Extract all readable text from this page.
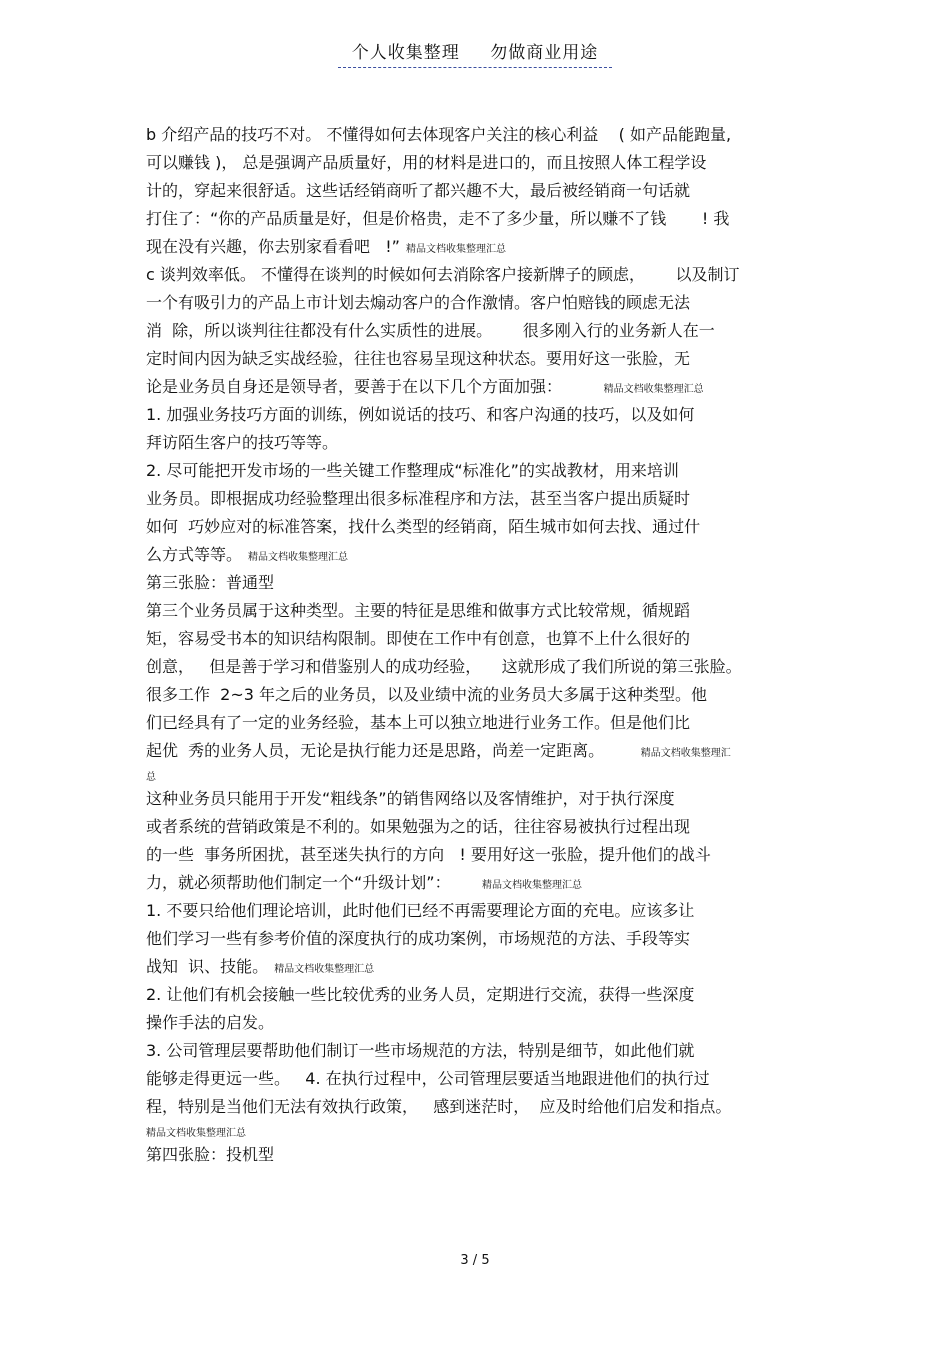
个人收集整理 勿做商业用途
b 介绍产品的技巧不对。 不懂得如何去体现客户关注的核心利益    ( 如产品能跑量,
可以赚钱 )， 总是强调产品质量好，用的材料是进口的，而且按照人体工程学设
计的，穿起来很舒适。这些话经销商听了都兴趣不大，最后被经销商一句话就
打住了：“你的产品质量是好，但是价格贵，走不了多少量，所以赚不了钱       ! 我
现在没有兴趣，你去别家看看吧   !” 精品文档收集整理汇总
c 谈判效率低。 不懂得在谈判的时候如何去消除客户接新牌子的顾虑，      以及制订
一个有吸引力的产品上市计划去煽动客户的合作激情。客户怕赔钱的顾虑无法
消  除，所以谈判往往都没有什么实质性的进展。      很多刚入行的业务新人在一
定时间内因为缺乏实战经验，往往也容易呈现这种状态。要用好这一张脸，无
论是业务员自身还是领导者，要善于在以下几个方面加强：       精品文档收集整理汇总
1. 加强业务技巧方面的训练，例如说话的技巧、和客户沟通的技巧，以及如何
拜访陌生客户的技巧等等。
2. 尽可能把开发市场的一些关键工作整理成“标准化”的实战教材，用来培训
业务员。即根据成功经验整理出很多标准程序和方法，甚至当客户提出质疑时
如何  巧妙应对的标准答案，找什么类型的经销商，陌生城市如何去找、通过什
么方式等等。 精品文档收集整理汇总
第三张脸：普通型
第三个业务员属于这种类型。主要的特征是思维和做事方式比较常规，循规蹈
矩，容易受书本的知识结构限制。即使在工作中有创意，也算不上什么很好的
创意，   但是善于学习和借鉴别人的成功经验，    这就形成了我们所说的第三张脸。
很多工作  2~3 年之后的业务员，以及业绩中流的业务员大多属于这种类型。他
们已经具有了一定的业务经验，基本上可以独立地进行业务工作。但是他们比
起优  秀的业务人员，无论是执行能力还是思路，尚差一定距离。      精品文档收集整理汇
总
这种业务员只能用于开发“粗线条”的销售网络以及客情维护，对于执行深度
或者系统的营销政策是不利的。如果勉强为之的话，往往容易被执行过程出现
的一些  事务所困扰，甚至迷失执行的方向   ! 要用好这一张脸，提升他们的战斗
力，就必须帮助他们制定一个“升级计划”：     精品文档收集整理汇总
1. 不要只给他们理论培训，此时他们已经不再需要理论方面的充电。应该多让
他们学习一些有参考价值的深度执行的成功案例，市场规范的方法、手段等实
战知  识、技能。 精品文档收集整理汇总
2. 让他们有机会接触一些比较优秀的业务人员，定期进行交流，获得一些深度
操作手法的启发。
3. 公司管理层要帮助他们制订一些市场规范的方法，特别是细节，如此他们就
能够走得更远一些。   4. 在执行过程中，公司管理层要适当地跟进他们的执行过
程，特别是当他们无法有效执行政策，   感到迷茫时，  应及时给他们启发和指点。
精品文档收集整理汇总
第四张脸：投机型
3 / 5
